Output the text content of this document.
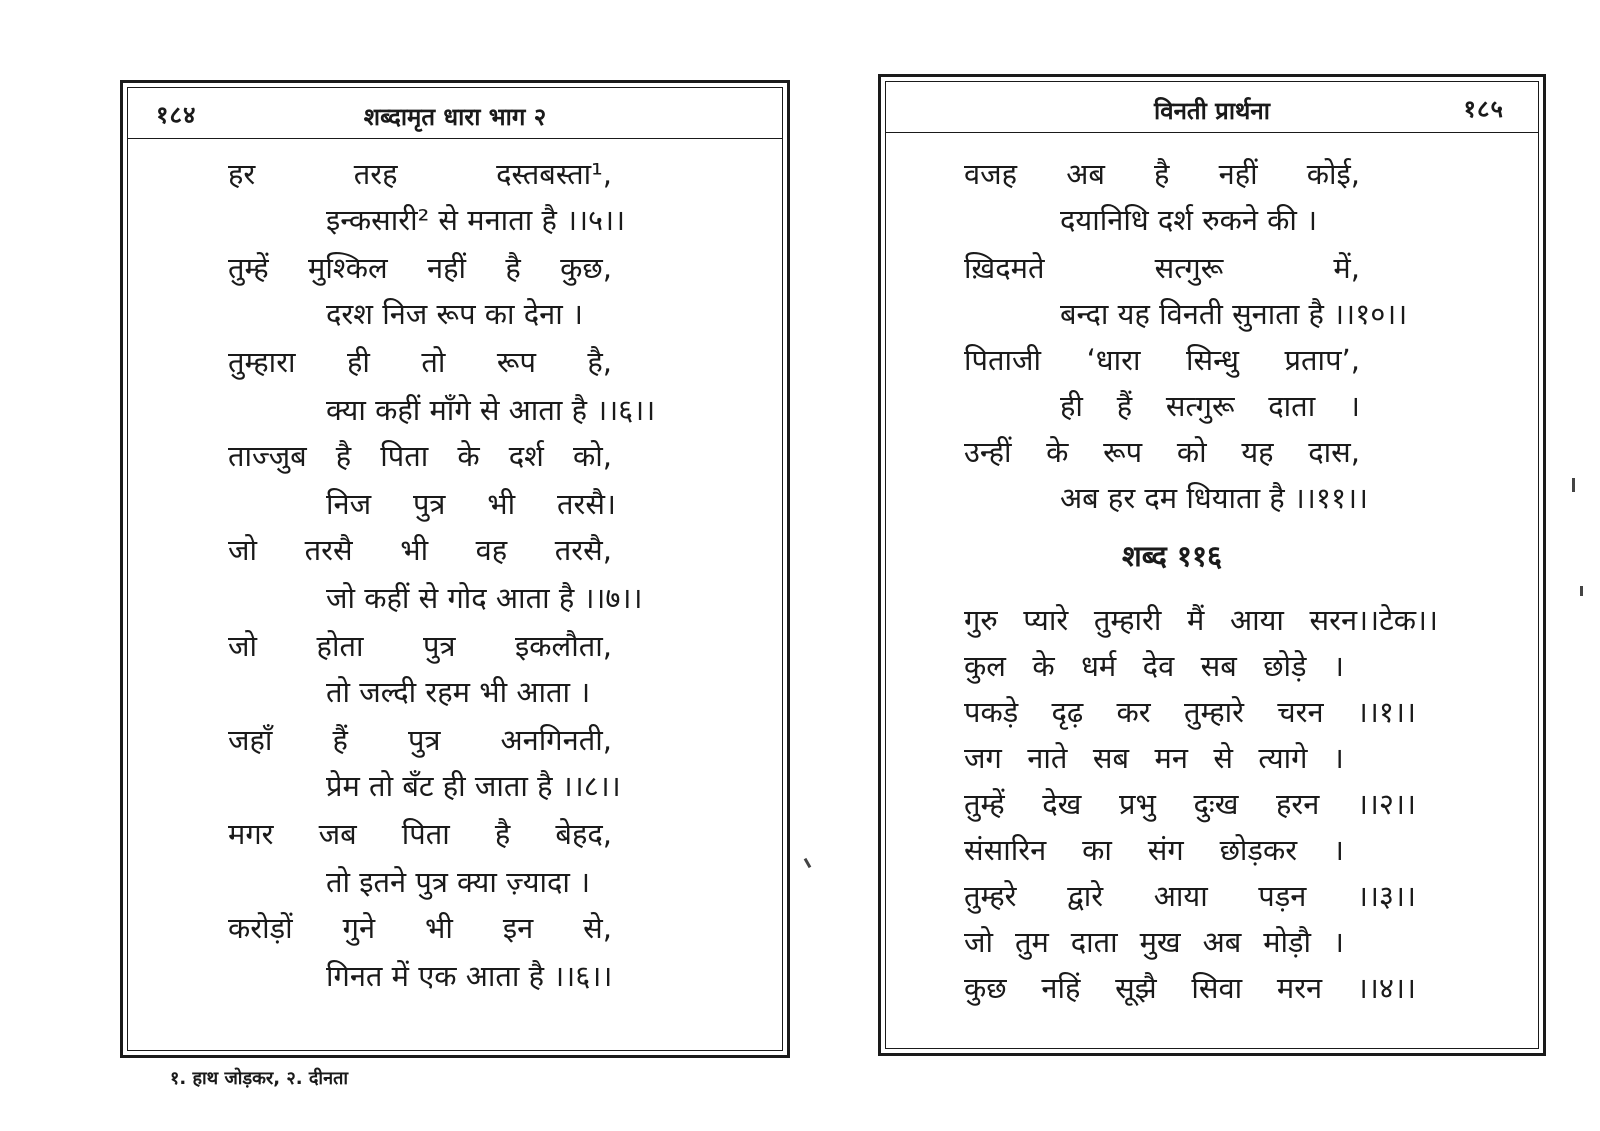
१८४	शब्दामृत धारा भाग २
हर	तरह	दस्तबस्ता¹,
इन्कसारी² से मनाता है ।।५।।
तुम्हें मुश्किल नहीं है कुछ,
दरश निज रूप का देना ।
तुम्हारा ही तो रूप है,
क्या कहीं माँगे से आता है ।।६।।
ताज्जुब है पिता के दर्श को,
निज पुत्र भी तरसै।
जो तरसै भी वह तरसै,
जो कहीं से गोद आता है ।।७।।
जो होता पुत्र इकलौता,
तो जल्दी रहम भी आता ।
जहाँ हैं पुत्र अनगिनती,
प्रेम तो बँट ही जाता है ।।८।।
मगर जब पिता है बेहद,
तो इतने पुत्र क्या ज़्यादा ।
करोड़ों गुने भी इन से,
गिनत में एक आता है ।।६।।
विनती प्रार्थना	१८५
वजह अब है नहीं कोई,
दयानिधि दर्श रुकने की ।
ख़िदमते	सत्गुरू	में,
बन्दा यह विनती सुनाता है ।।१०।।
पिताजी ‘धारा सिन्धु प्रताप’,
ही हैं सत्गुरू दाता ।
उन्हीं के रूप को यह दास,
अब हर दम धियाता है ।।११।।
शब्द ११६
गुरु प्यारे तुम्हारी मैं आया सरन।।टेक।।
कुल के धर्म देव सब छोड़े ।
पकड़े दृढ़ कर तुम्हारे चरन ।।१।।
जग नाते सब मन से त्यागे ।
तुम्हें देख प्रभु दुःख हरन ।।२।।
संसारिन का संग छोड़कर ।
तुम्हरे द्वारे आया पड़न ।।३।।
जो तुम दाता मुख अब मोड़ौ ।
कुछ नहिं सूझै सिवा मरन ।।४।।
१. हाथ जोड़कर, २. दीनता
